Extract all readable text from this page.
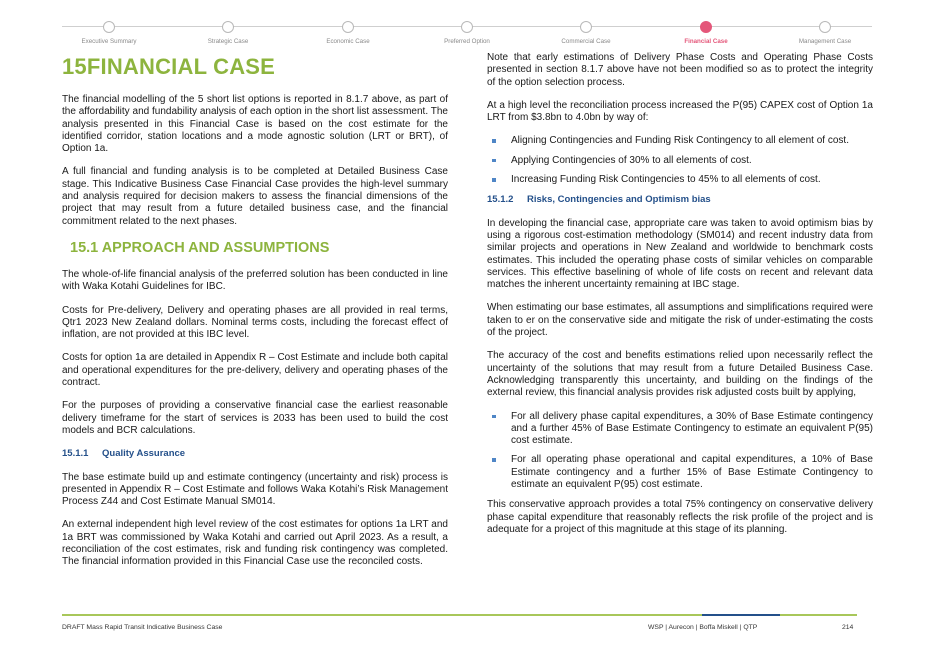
Executive Summary	Strategic Case	Economic Case	Preferred Option	Commercial Case	Financial Case	Management Case
15FINANCIAL CASE

The financial modelling of the 5 short list options is reported in 8.1.7 above, as part of the affordability and fundability analysis of each option in the short list assessment. The analysis presented in this Financial Case is based on the cost estimate for the identified corridor, station locations and a mode agnostic solution (LRT or BRT), of Option 1a.

A full financial and funding analysis is to be completed at Detailed Business Case stage. This Indicative Business Case Financial Case provides the high-level summary and analysis required for decision makers to assess the financial dimensions of the project that may result from a future detailed business case, and the financial commitment related to the next phases.

15.1 APPROACH AND ASSUMPTIONS

The whole-of-life financial analysis of the preferred solution has been conducted in line with Waka Kotahi Guidelines for IBC.

Costs for Pre-delivery, Delivery and operating phases are all provided in real terms, Qtr1 2023 New Zealand dollars. Nominal terms costs, including the forecast effect of inflation, are not provided at this IBC level.

Costs for option 1a are detailed in Appendix R – Cost Estimate and include both capital and operational expenditures for the pre-delivery, delivery and operating phases of the contract.

For the purposes of providing a conservative financial case the earliest reasonable delivery timeframe for the start of services is 2033 has been used to build the cost models and BCR calculations.

15.1.1	Quality Assurance

The base estimate build up and estimate contingency (uncertainty and risk) process is presented in Appendix R – Cost Estimate and follows Waka Kotahi’s Risk Management Process Z44 and Cost Estimate Manual SM014.

An external independent high level review of the cost estimates for options 1a LRT and 1a BRT was commissioned by Waka Kotahi and carried out April 2023. As a result, a reconciliation of the cost estimates, risk and funding risk contingency was completed. The financial information provided in this Financial Case use the reconciled costs.

Note that early estimations of Delivery Phase Costs and Operating Phase Costs presented in section 8.1.7 above have not been modified so as to protect the integrity of the option selection process.

At a high level the reconciliation process increased the P(95) CAPEX cost of Option 1a LRT from $3.8bn to 4.0bn by way of:

Aligning Contingencies and Funding Risk Contingency to all element of cost.
Applying Contingencies of 30% to all elements of cost.
Increasing Funding Risk Contingencies to 45% to all elements of cost.
15.1.2	Risks, Contingencies and Optimism bias

In developing the financial case, appropriate care was taken to avoid optimism bias by using a rigorous cost-estimation methodology (SM014) and recent industry data from similar projects and operations in New Zealand and worldwide to benchmark costs estimates. This included the operating phase costs of similar vehicles on comparable services. This effective baselining of whole of life costs on recent and relevant data matches the inherent uncertainty remaining at IBC stage.

When estimating our base estimates, all assumptions and simplifications required were taken to er on the conservative side and mitigate the risk of under-estimating the costs of the project.

The accuracy of the cost and benefits estimations relied upon necessarily reflect the uncertainty of the solutions that may result from a future Detailed Business Case. Acknowledging transparently this uncertainty, and building on the findings of the external review, this financial analysis provides risk adjusted costs built by applying,

For all delivery phase capital expenditures, a 30% of Base Estimate contingency and a further 45% of Base Estimate Contingency to estimate an equivalent P(95) cost estimate.
For all operating phase operational and capital expenditures, a 10% of Base Estimate contingency and a further 15% of Base Estimate Contingency to estimate an equivalent P(95) cost estimate.

This conservative approach provides a total 75% contingency on conservative delivery phase capital expenditure that reasonably reflects the risk profile of the project and is adequate for a project of this magnitude at this stage of its planning.

DRAFT Mass Rapid Transit Indicative Business Case	WSP | Aurecon | Boffa Miskell | QTP	214
